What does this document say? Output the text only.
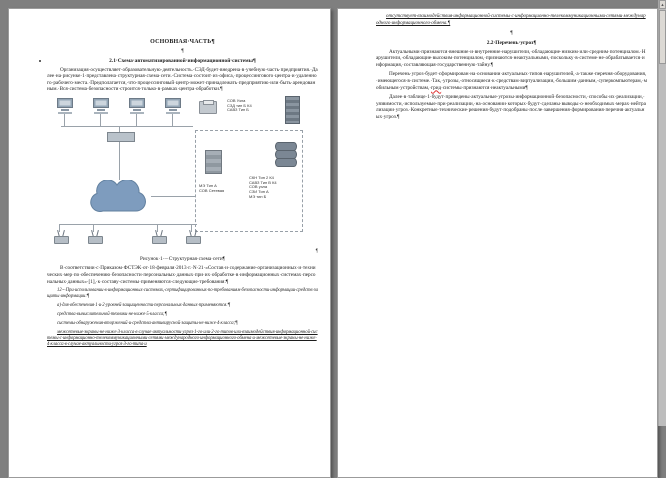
ОСНОВНАЯ·ЧАСТЬ¶

¶

2.1·Схема·автоматизированной·информационной·системы¶

Организация·осуществляет·образовательную·деятельность.·СЭД·будет·внедрена·в·учебную·часть·предприятия.·Далее·на·рисунке·1·представлена·структурная·схема·сети.·Система·состоит·из·офиса,·процессингового·центра·и·удаленного·рабочего·места.·Предполагается,·что·процессинговый·центр·может·принадлежать·предприятию·или·быть·арендованным.·Вся·система·безопасности·строится·только·в·рамках·центра·обработки.¶

СОВ Узла
СЗД тип Б К4
САВЗ Тип Б
МЭ Тип А
СОВ Сетевая
СКН Тип 2 К4
САВЗ Тип В К4
СОВ узла
СЗИ Тип А
МЭ тип Б
¶

Рисунок·1·–·Структурная·схема·сети¶

В·соответствии·с·Приказом·ФСТЭК·от·18·февраля·2013·г.·N·21·«Состав·и·содержание·организационных·и·технических·мер·по·обеспечению·безопасности·персональных·данных·при·их·обработке·в·информационных·системах·персональных·данных»·[1],·к·составу·системы·применяются·следующие·требования:¶

12·-·При·использовании·в·информационных·системах,·сертифицированных·по·требованиям·безопасности·информации·средств·защиты·информации:¶

а)·для·обеспечения·1·и·2·уровней·защищенности·персональных·данных·применяются:¶

средства·вычислительной·техники·не·ниже·5·класса;¶

системы·обнаружения·вторжений·и·средства·антивирусной·защиты·не·ниже·4·класса;¶

межсетевые·экраны·не·ниже·3·класса·в·случае·актуальности·угроз·1-го·или·2-го·типов·или·взаимодействия·информационной·системы·с·информационно-телекоммуникационными·сетями·международного·информационного·обмена·и·межсетевые·экраны·не·ниже·4·класса·в·случае·актуальности·угроз·3-го·типа·и

отсутствует·взаимодействия·информационной·системы·с·информационно-телекоммуникационными·сетями·международного·информационного·обмена.¶

¶

2.2·Перечень·угроз¶

Актуальными·признаются·внешние·и·внутренние·нарушители,·обладающие·низким·или·средним·потенциалом.·Нарушители,·обладающие·высоким·потенциалом,·признаются·неактуальными,·поскольку·в·системе·не·обрабатывается·информация,·составляющая·государственную·тайну.¶

Перечень·угроз·будет·сформирован·на·основании·актуальных·типов·нарушителей,·а·также·перечня·оборудования,·имеющегося·в·системе.·Так,·угрозы,·относящиеся·к·средствам·виртуализации,·большим·данным,·суперкомпьютерам,·мобильным·устройствам,·грид·системы·признаются·неактуальными¶

Далее·в·таблице·1·будут·приведены·актуальные·угрозы·информационной·безопасности,·способы·их·реализации,·уязвимости,·используемые·при·реализации,·на·основании·которых·будут·сделаны·выводы·о·необходимых·мерах·нейтрализации·угроз.·Конкретные·технические·решения·будут·подобраны·после·завершения·формирования·перечня·актуальных·угроз.¶

▲
